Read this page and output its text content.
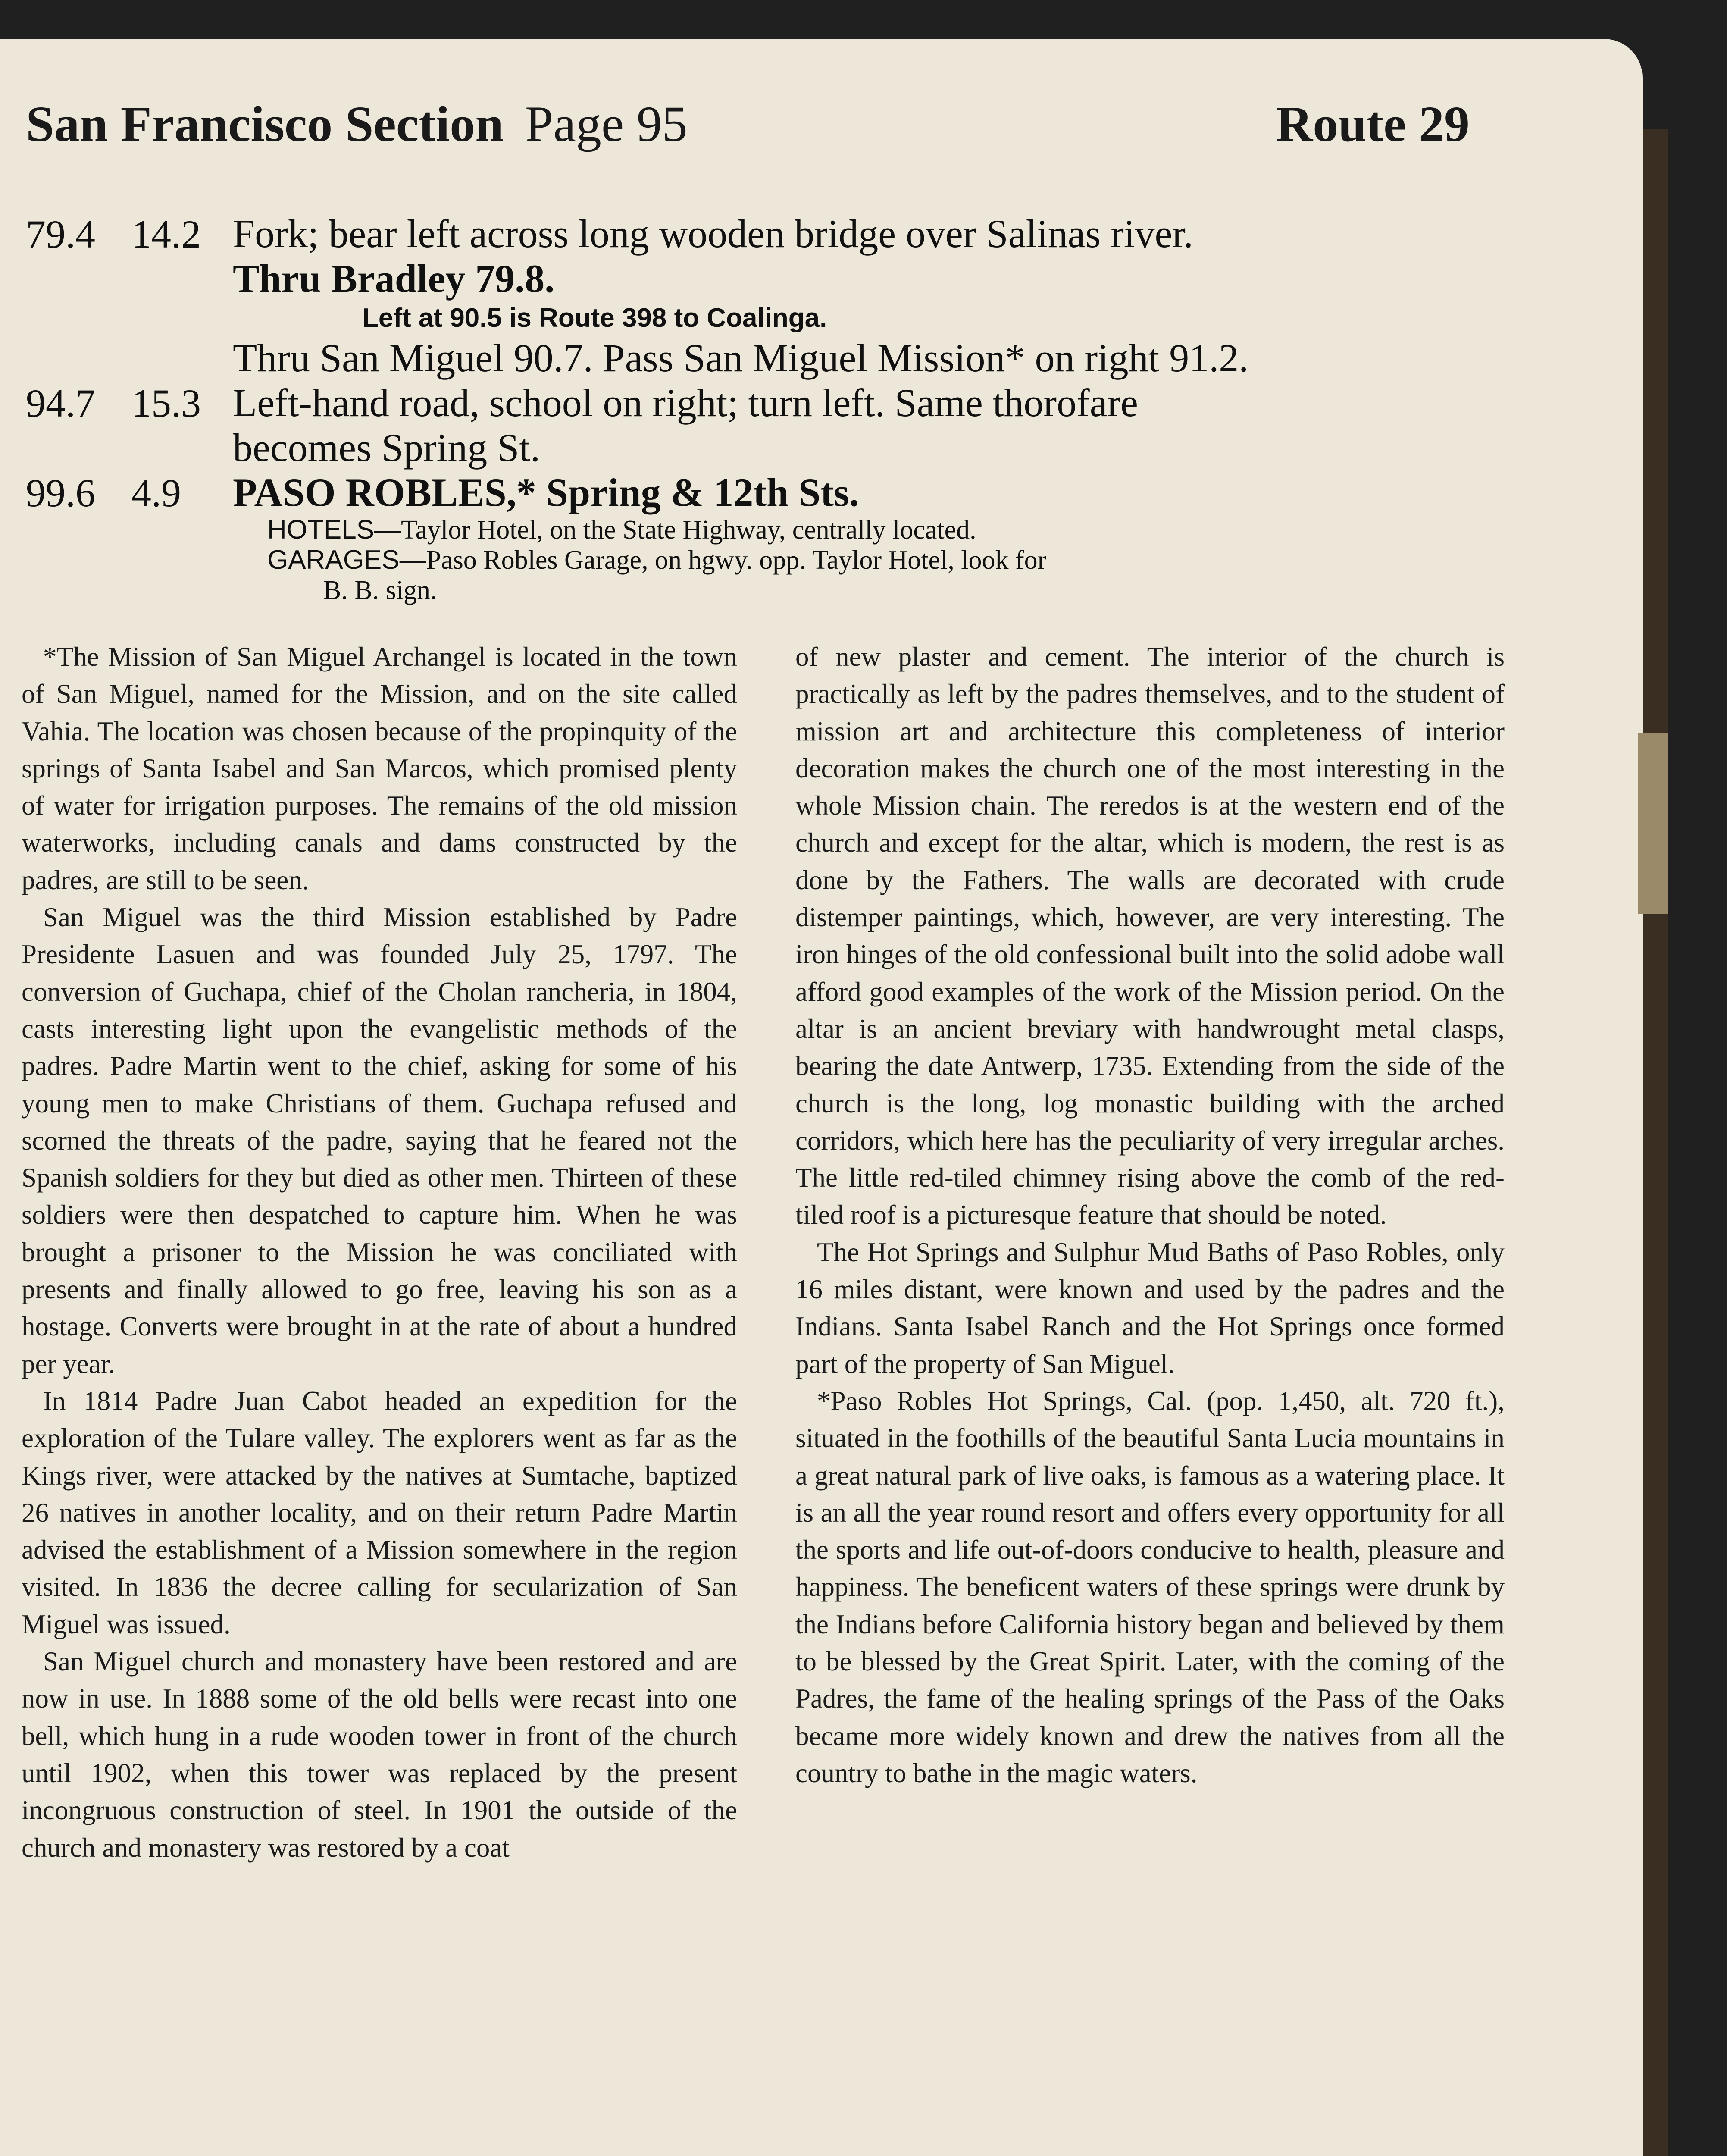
San Francisco Section Page 95	Route 29
79.4 14.2 Fork; bear left across long wooden bridge over Salinas river.
Thru Bradley 79.8.
Left at 90.5 is Route 398 to Coalinga.
Thru San Miguel 90.7. Pass San Miguel Mission* on right 91.2.
94.7 15.3 Left-hand road, school on right; turn left. Same thorofare
becomes Spring St.
99.6 4.9 PASO ROBLES,* Spring & 12th Sts.
HOTELS—Taylor Hotel, on the State Highway, centrally located.
GARAGES—Paso Robles Garage, on hgwy. opp. Taylor Hotel, look for
B. B. sign.

*The Mission of San Miguel Archangel is located in the town of San Miguel, named for the Mission, and on the site called Vahia. The location was chosen because of the propinquity of the springs of Santa Isabel and San Marcos, which promised plenty of water for irrigation purposes. The remains of the old mission waterworks, including canals and dams constructed by the padres, are still to be seen.

San Miguel was the third Mission established by Padre Presidente Lasuen and was founded July 25, 1797. The conversion of Guchapa, chief of the Cholan rancheria, in 1804, casts interesting light upon the evangelistic methods of the padres. Padre Martin went to the chief, asking for some of his young men to make Christians of them. Guchapa refused and scorned the threats of the padre, saying that he feared not the Spanish soldiers for they but died as other men. Thirteen of these soldiers were then despatched to capture him. When he was brought a prisoner to the Mission he was conciliated with presents and finally allowed to go free, leaving his son as a hostage. Converts were brought in at the rate of about a hundred per year.

In 1814 Padre Juan Cabot headed an expedition for the exploration of the Tulare valley. The explorers went as far as the Kings river, were attacked by the natives at Sumtache, baptized 26 natives in another locality, and on their return Padre Martin advised the establishment of a Mission somewhere in the region visited. In 1836 the decree calling for secularization of San Miguel was issued.

San Miguel church and monastery have been restored and are now in use. In 1888 some of the old bells were recast into one bell, which hung in a rude wooden tower in front of the church until 1902, when this tower was replaced by the present incongruous construction of steel. In 1901 the outside of the church and monastery was restored by a coat

of new plaster and cement. The interior of the church is practically as left by the padres themselves, and to the student of mission art and architecture this completeness of interior decoration makes the church one of the most interesting in the whole Mission chain. The reredos is at the western end of the church and except for the altar, which is modern, the rest is as done by the Fathers. The walls are decorated with crude distemper paintings, which, however, are very interesting. The iron hinges of the old confessional built into the solid adobe wall afford good examples of the work of the Mission period. On the altar is an ancient breviary with handwrought metal clasps, bearing the date Antwerp, 1735. Extending from the side of the church is the long, log monastic building with the arched corridors, which here has the peculiarity of very irregular arches. The little red-tiled chimney rising above the comb of the red-tiled roof is a picturesque feature that should be noted.

The Hot Springs and Sulphur Mud Baths of Paso Robles, only 16 miles distant, were known and used by the padres and the Indians. Santa Isabel Ranch and the Hot Springs once formed part of the property of San Miguel.

*Paso Robles Hot Springs, Cal. (pop. 1,450, alt. 720 ft.), situated in the foothills of the beautiful Santa Lucia mountains in a great natural park of live oaks, is famous as a watering place. It is an all the year round resort and offers every opportunity for all the sports and life out-of-doors conducive to health, pleasure and happiness. The beneficent waters of these springs were drunk by the Indians before California history began and believed by them to be blessed by the Great Spirit. Later, with the coming of the Padres, the fame of the healing springs of the Pass of the Oaks became more widely known and drew the natives from all the country to bathe in the magic waters.
